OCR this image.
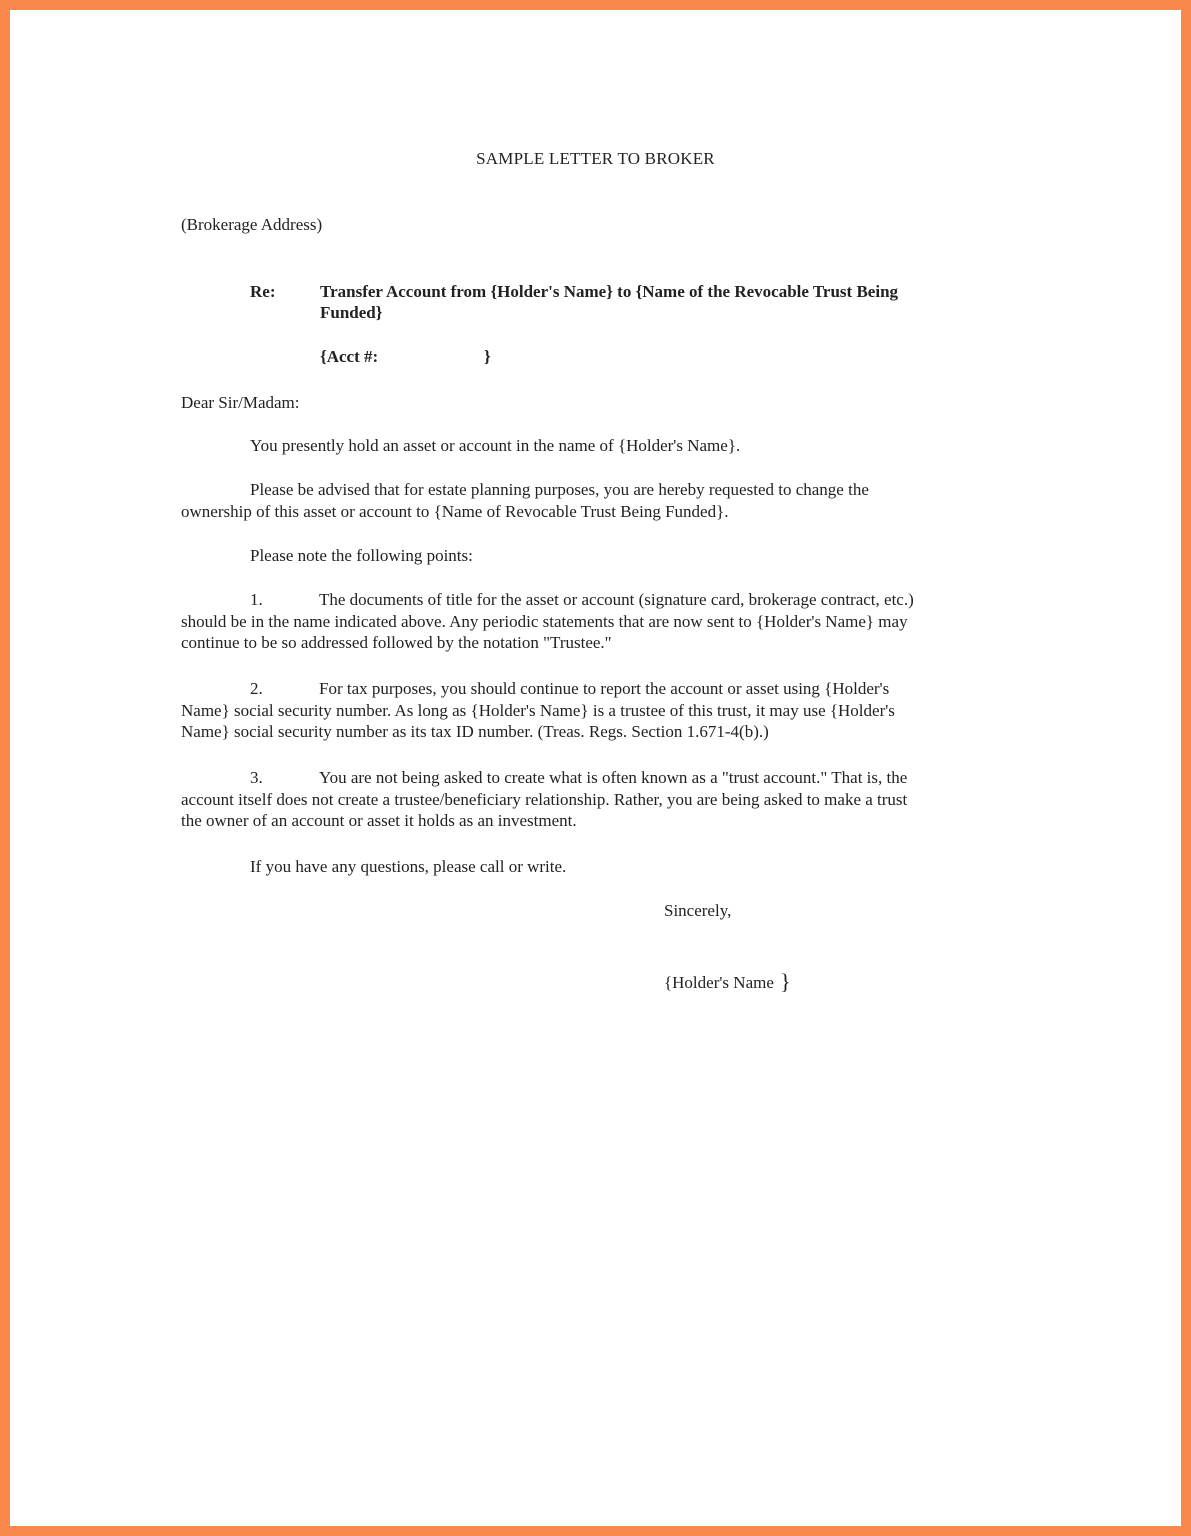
SAMPLE LETTER TO BROKER
(Brokerage Address)
Re:	Transfer Account from {Holder's Name} to {Name of the Revocable Trust Being
Funded}
{Acct #:	}
Dear Sir/Madam:
You presently hold an asset or account in the name of {Holder's Name}.
Please be advised that for estate planning purposes, you are hereby requested to change the
ownership of this asset or account to {Name of Revocable Trust Being Funded}.
Please note the following points:
1.	The documents of title for the asset or account (signature card, brokerage contract, etc.)
should be in the name indicated above. Any periodic statements that are now sent to {Holder's Name} may
continue to be so addressed followed by the notation "Trustee."
2.	For tax purposes, you should continue to report the account or asset using {Holder's
Name} social security number. As long as {Holder's Name} is a trustee of this trust, it may use {Holder's
Name} social security number as its tax ID number. (Treas. Regs. Section 1.671-4(b).)
3.	You are not being asked to create what is often known as a "trust account." That is, the
account itself does not create a trustee/beneficiary relationship. Rather, you are being asked to make a trust
the owner of an account or asset it holds as an investment.
If you have any questions, please call or write.
Sincerely,
{Holder's Name }
